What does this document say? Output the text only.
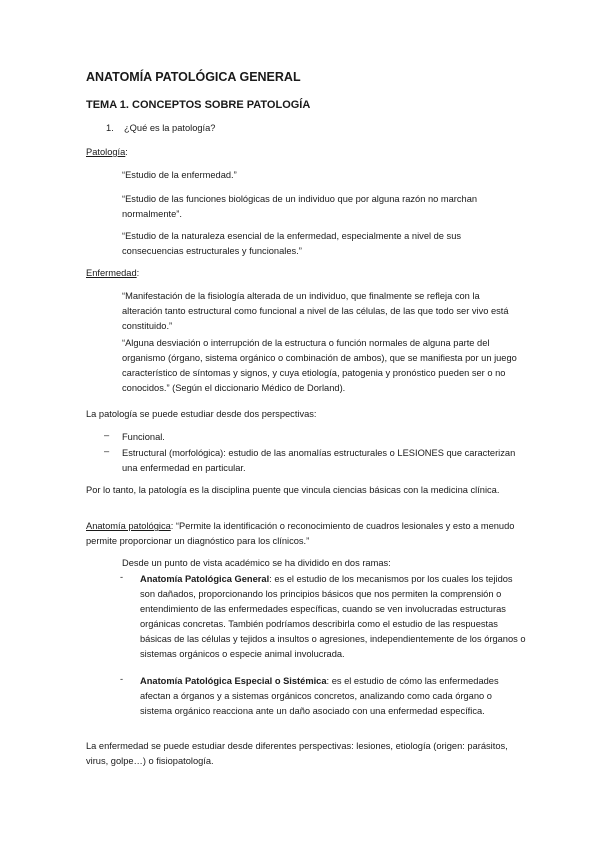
ANATOMÍA PATOLÓGICA GENERAL

TEMA 1. CONCEPTOS SOBRE PATOLOGÍA

1. ¿Qué es la patología?

Patología:

“Estudio de la enfermedad.”

“Estudio de las funciones biológicas de un individuo que por alguna razón no marchan normalmente”.

“Estudio de la naturaleza esencial de la enfermedad, especialmente a nivel de sus consecuencias estructurales y funcionales.”

Enfermedad:

“Manifestación de la fisiología alterada de un individuo, que finalmente se refleja con la alteración tanto estructural como funcional a nivel de las células, de las que todo ser vivo está constituido.”

“Alguna desviación o interrupción de la estructura o función normales de alguna parte del organismo (órgano, sistema orgánico o combinación de ambos), que se manifiesta por un juego característico de síntomas y signos, y cuya etiología, patogenia y pronóstico pueden ser o no conocidos.” (Según el diccionario Médico de Dorland).

La patología se puede estudiar desde dos perspectivas:

– Funcional.

– Estructural (morfológica): estudio de las anomalías estructurales o LESIONES que caracterizan una enfermedad en particular.

Por lo tanto, la patología es la disciplina puente que vincula ciencias básicas con la medicina clínica.

Anatomía patológica: “Permite la identificación o reconocimiento de cuadros lesionales y esto a menudo permite proporcionar un diagnóstico para los clínicos.”

Desde un punto de vista académico se ha dividido en dos ramas:

- Anatomía Patológica General: es el estudio de los mecanismos por los cuales los tejidos son dañados, proporcionando los principios básicos que nos permiten la comprensión o entendimiento de las enfermedades específicas, cuando se ven involucradas estructuras orgánicas concretas. También podríamos describirla como el estudio de las respuestas básicas de las células y tejidos a insultos o agresiones, independientemente de los órganos o sistemas orgánicos o especie animal involucrada.

- Anatomía Patológica Especial o Sistémica: es el estudio de cómo las enfermedades afectan a órganos y a sistemas orgánicos concretos, analizando como cada órgano o sistema orgánico reacciona ante un daño asociado con una enfermedad específica.

La enfermedad se puede estudiar desde diferentes perspectivas: lesiones, etiología (origen: parásitos, virus, golpe…) o fisiopatología.
